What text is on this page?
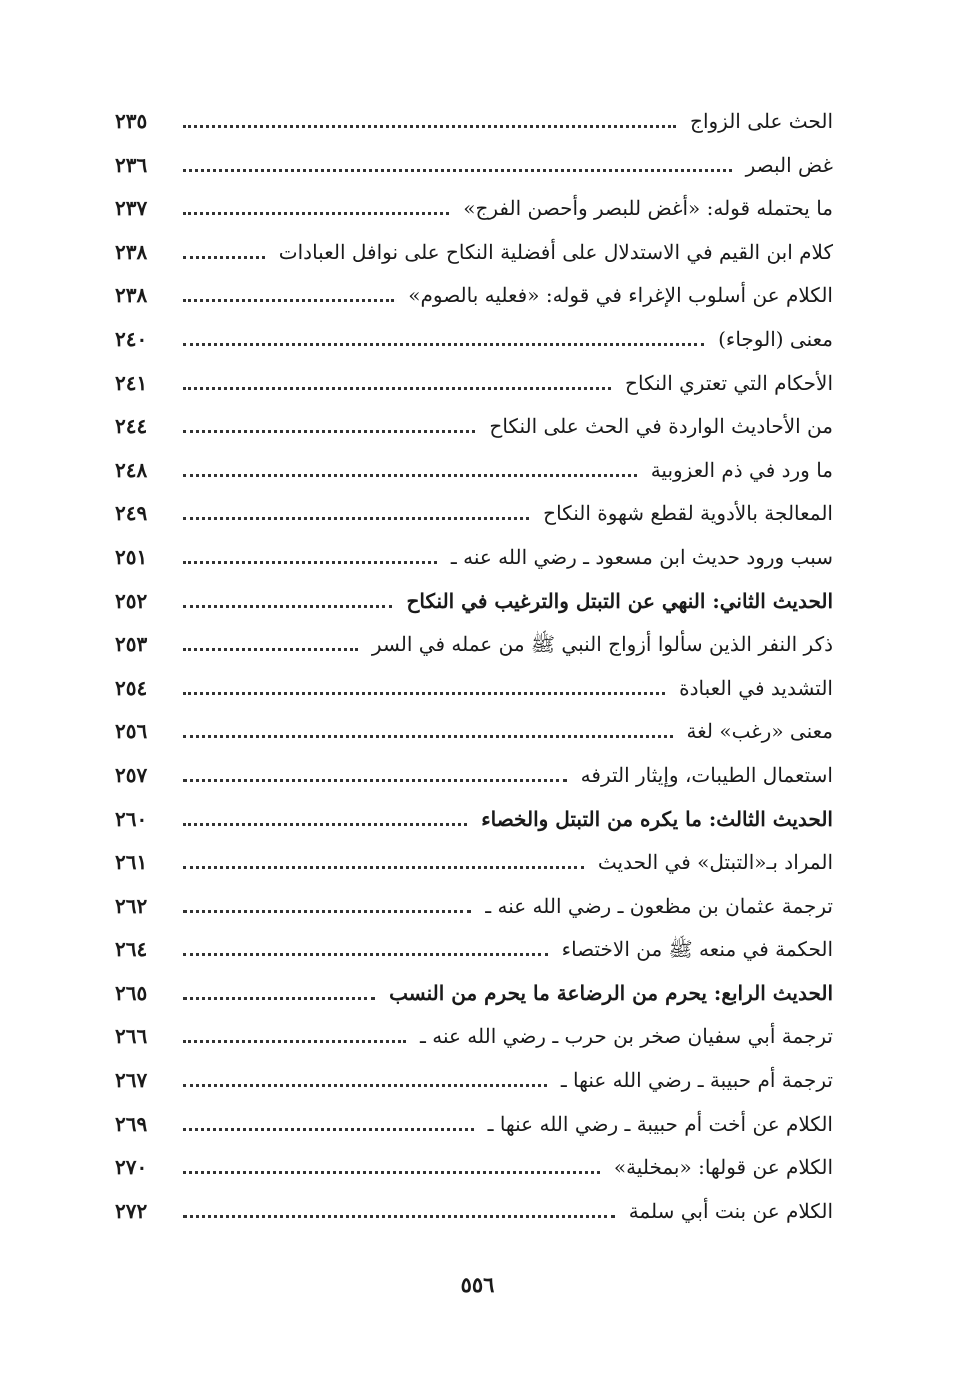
الحث على الزواج
٢٣٥
غض البصر
٢٣٦
ما يحتمله قوله: «أغض للبصر وأحصن الفرج»
٢٣٧
كلام ابن القيم في الاستدلال على أفضلية النكاح على نوافل العبادات
٢٣٨
الكلام عن أسلوب الإغراء في قوله: «فعليه بالصوم»
٢٣٨
معنى (الوجاء)
٢٤٠
الأحكام التي تعتري النكاح
٢٤١
من الأحاديث الواردة في الحث على النكاح
٢٤٤
ما ورد في ذم العزوبية
٢٤٨
المعالجة بالأدوية لقطع شهوة النكاح
٢٤٩
سبب ورود حديث ابن مسعود ـ رضي الله عنه ـ
٢٥١
الحديث الثاني: النهي عن التبتل والترغيب في النكاح
٢٥٢
ذكر النفر الذين سألوا أزواج النبي ﷺ من عمله في السر
٢٥٣
التشديد في العبادة
٢٥٤
معنى «رغب» لغة
٢٥٦
استعمال الطيبات، وإيثار الترفه
٢٥٧
الحديث الثالث: ما يكره من التبتل والخصاء
٢٦٠
المراد بـ«التبتل» في الحديث
٢٦١
ترجمة عثمان بن مظعون ـ رضي الله عنه ـ
٢٦٢
الحكمة في منعه ﷺ من الاختصاء
٢٦٤
الحديث الرابع: يحرم من الرضاعة ما يحرم من النسب
٢٦٥
ترجمة أبي سفيان صخر بن حرب ـ رضي الله عنه ـ
٢٦٦
ترجمة أم حبيبة ـ رضي الله عنها ـ
٢٦٧
الكلام عن أخت أم حبيبة ـ رضي الله عنها ـ
٢٦٩
الكلام عن قولها: «بمخلية»
٢٧٠
الكلام عن بنت أبي سلمة
٢٧٢
٥٥٦
